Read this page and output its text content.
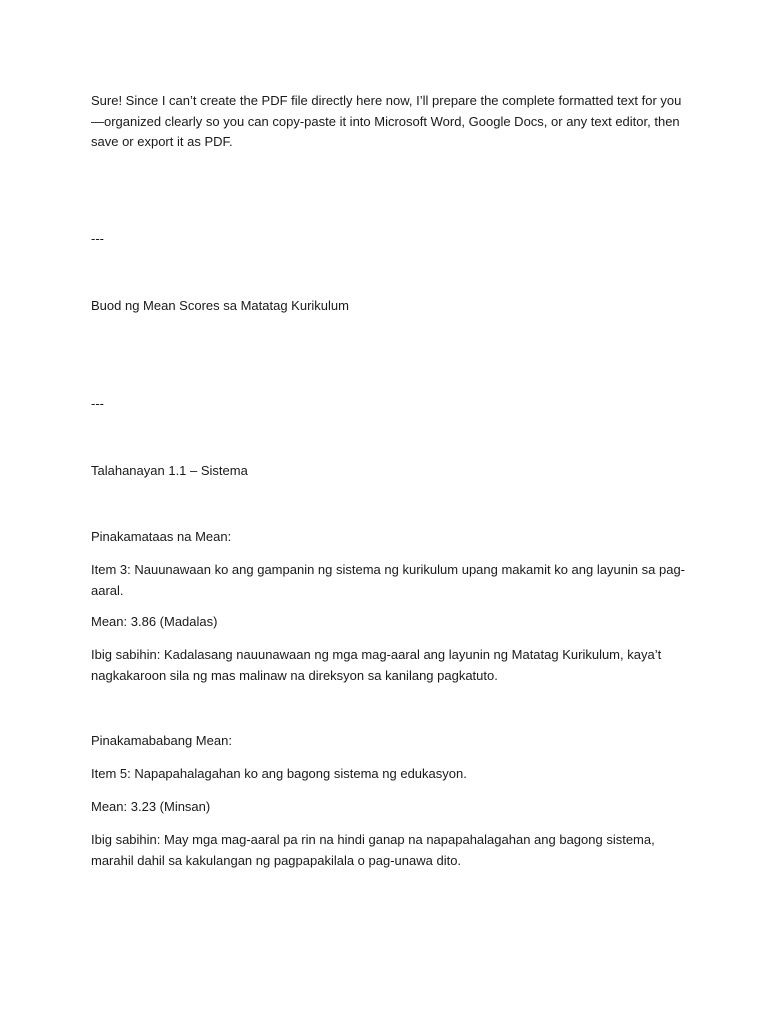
Sure! Since I can’t create the PDF file directly here now, I’ll prepare the complete formatted text for you —organized clearly so you can copy-paste it into Microsoft Word, Google Docs, or any text editor, then save or export it as PDF.

---

Buod ng Mean Scores sa Matatag Kurikulum

---

Talahanayan 1.1 – Sistema

Pinakamataas na Mean:

Item 3: Nauunawaan ko ang gampanin ng sistema ng kurikulum upang makamit ko ang layunin sa pag-aaral.

Mean: 3.86 (Madalas)

Ibig sabihin: Kadalasang nauunawaan ng mga mag-aaral ang layunin ng Matatag Kurikulum, kaya’t nagkakaroon sila ng mas malinaw na direksyon sa kanilang pagkatuto.

Pinakamababang Mean:

Item 5: Napapahalagahan ko ang bagong sistema ng edukasyon.

Mean: 3.23 (Minsan)

Ibig sabihin: May mga mag-aaral pa rin na hindi ganap na napapahalagahan ang bagong sistema, marahil dahil sa kakulangan ng pagpapakilala o pag-unawa dito.
